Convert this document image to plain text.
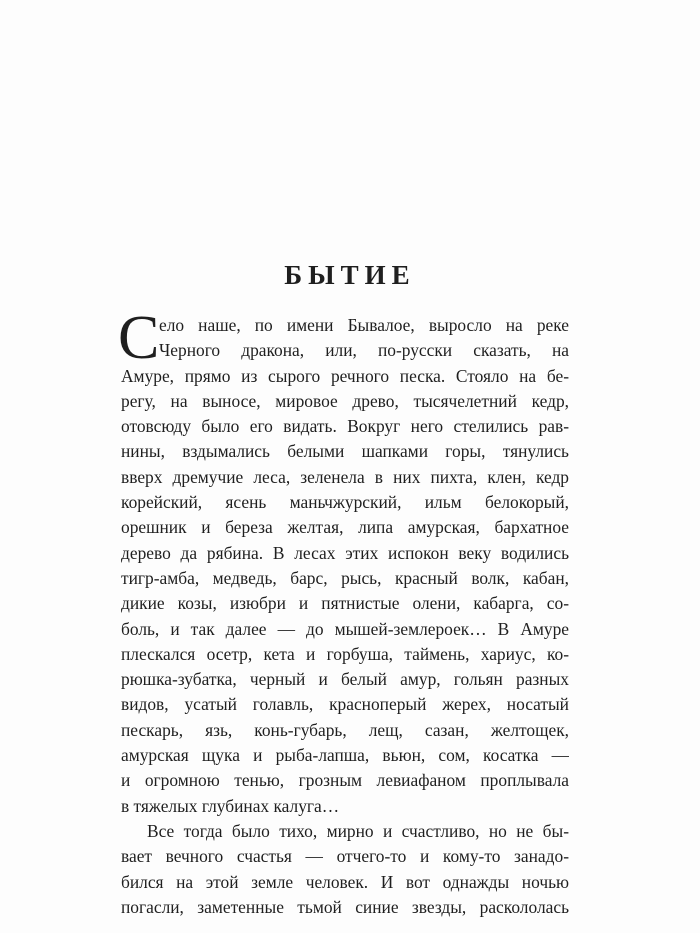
БЫТИЕ
С ело наше, по имени Бывалое, выросло на реке
Черного дракона, или, по-русски сказать, на
Амуре, прямо из сырого речного песка. Стояло на бе-
регу, на выносе, мировое древо, тысячелетний кедр,
отовсюду было его видать. Вокруг него стелились рав-
нины, вздымались белыми шапками горы, тянулись
вверх дремучие леса, зеленела в них пихта, клен, кедр
корейский, ясень маньчжурский, ильм белокорый,
орешник и береза желтая, липа амурская, бархатное
дерево да рябина. В лесах этих испокон веку водились
тигр-амба, медведь, барс, рысь, красный волк, кабан,
дикие козы, изюбри и пятнистые олени, кабарга, со-
боль, и так далее — до мышей-землероек… В Амуре
плескался осетр, кета и горбуша, таймень, хариус, ко-
рюшка-зубатка, черный и белый амур, гольян разных
видов, усатый голавль, краснoперый жерех, носатый
пескарь, язь, конь-губарь, лещ, сазан, желтощек,
амурская щука и рыба-лапша, вьюн, сом, косатка —
и огромною тенью, грозным левиафаном проплывала
в тяжелых глубинах калуга…
Все тогда было тихо, мирно и счастливо, но не бы-
вает вечного счастья — отчего-то и кому-то занадо-
бился на этой земле человек. И вот однажды ночью
погасли, заметенные тьмой синие звезды, раскололась
